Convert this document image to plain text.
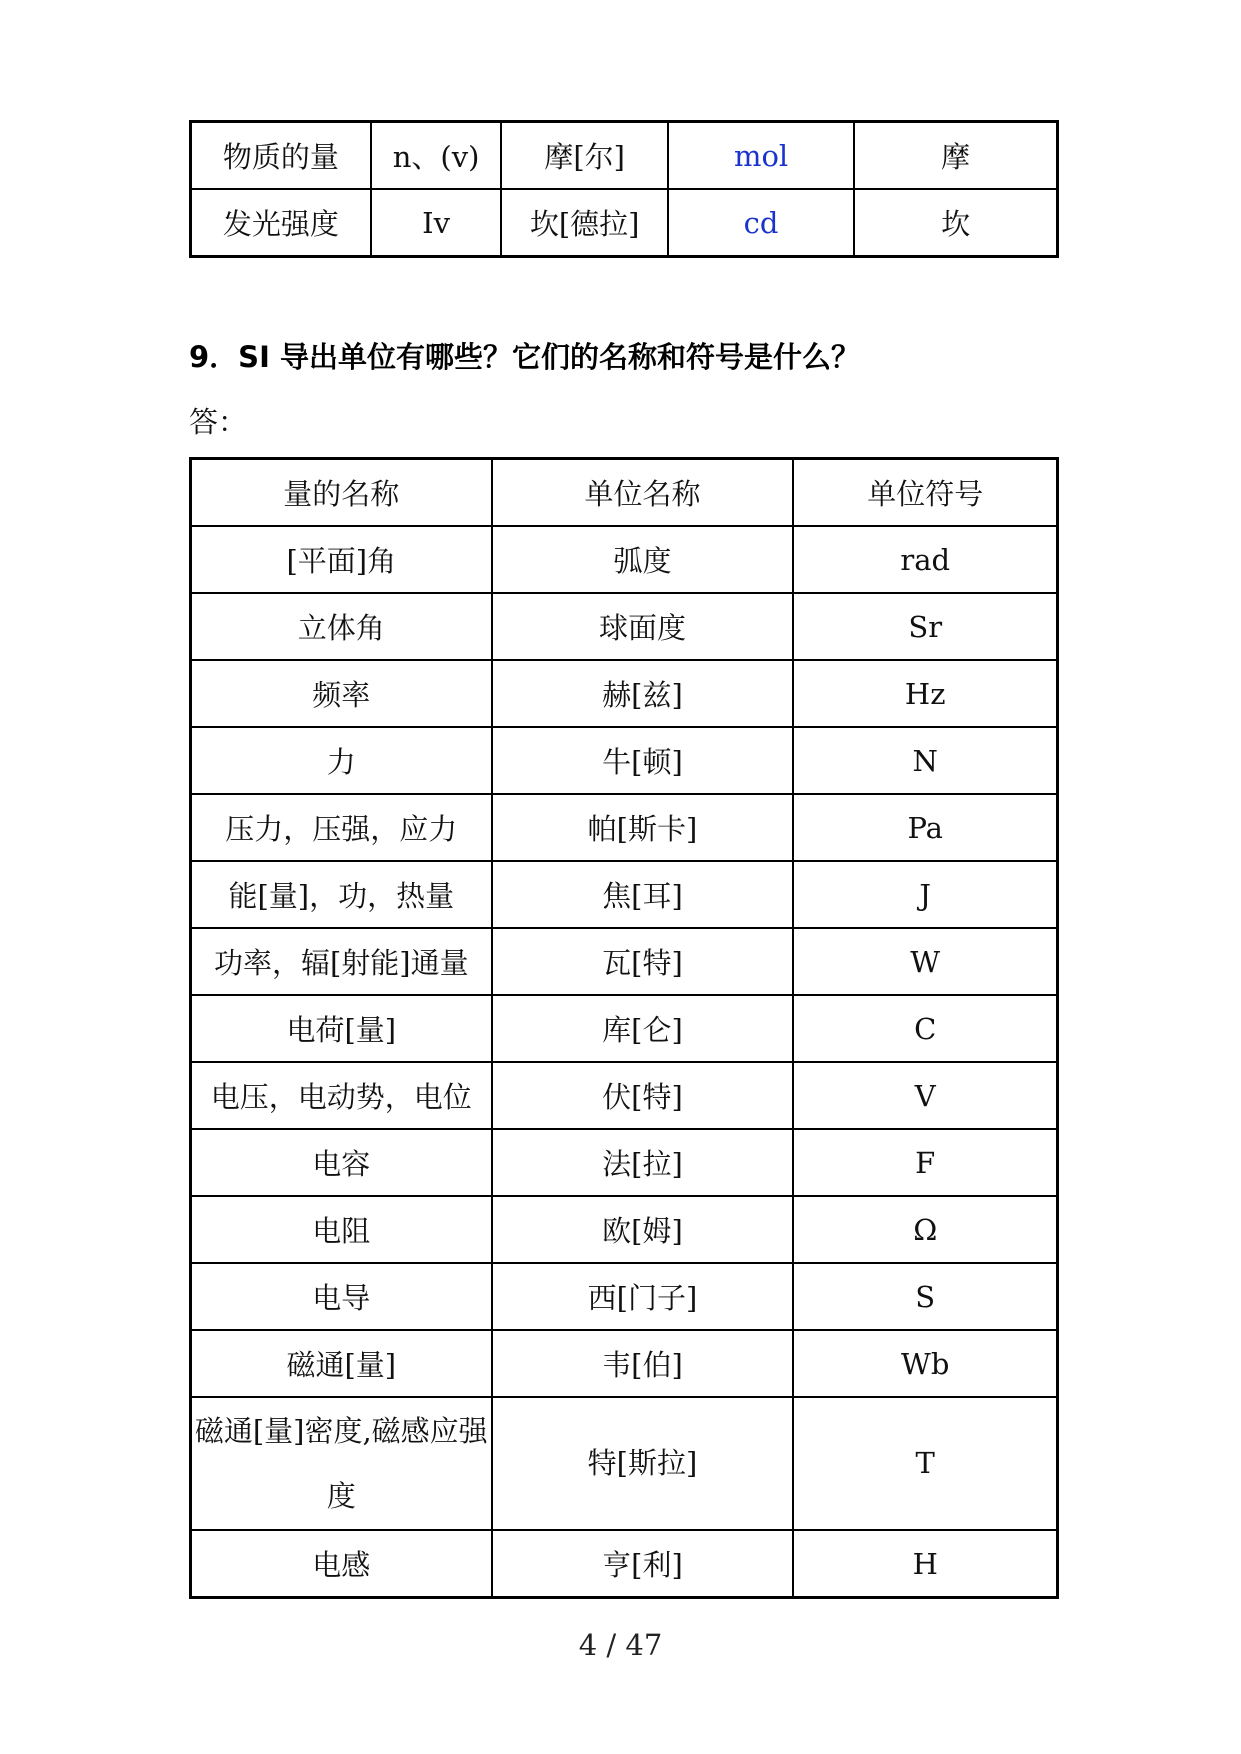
物质的量	n、(v)	摩[尔]	mol	摩
发光强度	Iv	坎[德拉]	cd	坎
9．SI 导出单位有哪些？它们的名称和符号是什么？
答：
量的名称	单位名称	单位符号
[平面]角	弧度	rad
立体角	球面度	Sr
频率	赫[兹]	Hz
力	牛[顿]	N
压力，压强，应力	帕[斯卡]	Pa
能[量]，功，热量	焦[耳]	J
功率，辐[射能]通量	瓦[特]	W
电荷[量]	库[仑]	C
电压，电动势，电位	伏[特]	V
电容	法[拉]	F
电阻	欧[姆]	Ω
电导	西[门子]	S
磁通[量]	韦[伯]	Wb
磁通[量]密度,磁感应强度	特[斯拉]	T
电感	亨[利]	H
4 / 47
